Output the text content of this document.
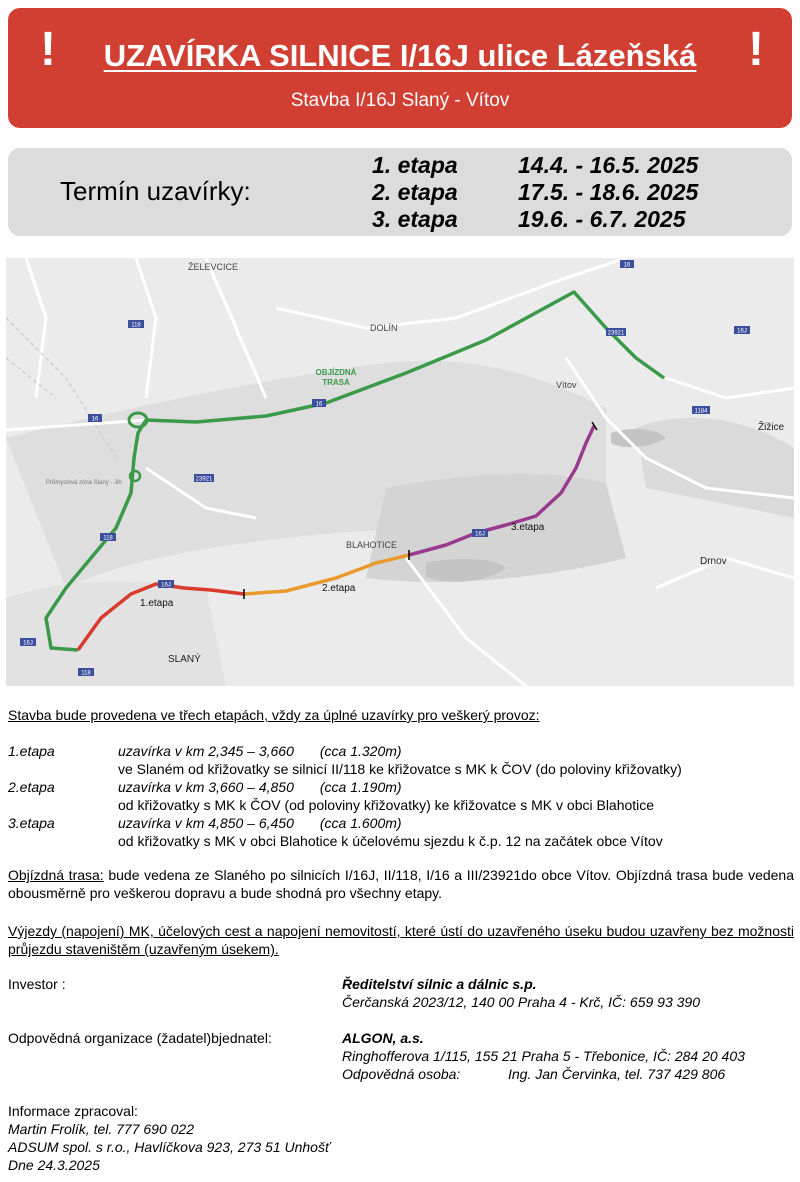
!	UZAVÍRKA SILNICE I/16J ulice Lázeňská
Stavba I/16J Slaný - Vítov
!
Termín uzavírky:
1. etapa	14.4. - 16.5. 2025
2. etapa	17.5. - 18.6. 2025
3. etapa	19.6. - 6.7. 2025
ŽELEVCICE
DOLÍN
Vítov
Žižice
BLAHOTICE
Drnov
SLANÝ
Průmyslová zóna Slaný - Jih
OBJÍZDNÁ
TRASA
1.etapa
2.etapa
3.etapa
16
16
16
118
118
118
16J
16J
16J
16J
23921
23921
1184
Stavba bude provedena ve třech etapách, vždy za úplné uzavírky pro veškerý provoz:
1.etapa	uzavírka v km 2,345 – 3,660 (cca 1.320m)
ve Slaném od křižovatky se silnicí II/118 ke křižovatce s MK k ČOV (do poloviny křižovatky)
2.etapa	uzavírka v km 3,660 – 4,850 (cca 1.190m)
od křižovatky s MK k ČOV (od poloviny křižovatky) ke křižovatce s MK v obci Blahotice
3.etapa	uzavírka v km 4,850 – 6,450 (cca 1.600m)
od křižovatky s MK v obci Blahotice k účelovému sjezdu k č.p. 12 na začátek obce Vítov
Objízdná trasa: bude vedena ze Slaného po silnicích I/16J, II/118, I/16 a III/23921do obce Vítov. Objízdná trasa bude vedena obousměrně pro veškerou dopravu a bude shodná pro všechny etapy.
Výjezdy (napojení) MK, účelových cest a napojení nemovitostí, které ústí do uzavřeného úseku budou uzavřeny bez možnosti průjezdu staveništěm (uzavřeným úsekem).
Investor :	Ředitelství silnic a dálnic s.p.
Čerčanská 2023/12, 140 00 Praha 4 - Krč, IČ: 659 93 390
Odpovědná organizace (žadatel)bjednatel:	ALGON, a.s.
Ringhofferova 1/115, 155 21 Praha 5 - Třebonice, IČ: 284 20 403
Odpovědná osoba:	Ing. Jan Červinka, tel. 737 429 806
Informace zpracoval:
Martin Frolík, tel. 777 690 022
ADSUM spol. s r.o., Havlíčkova 923, 273 51 Unhošť
Dne 24.3.2025
